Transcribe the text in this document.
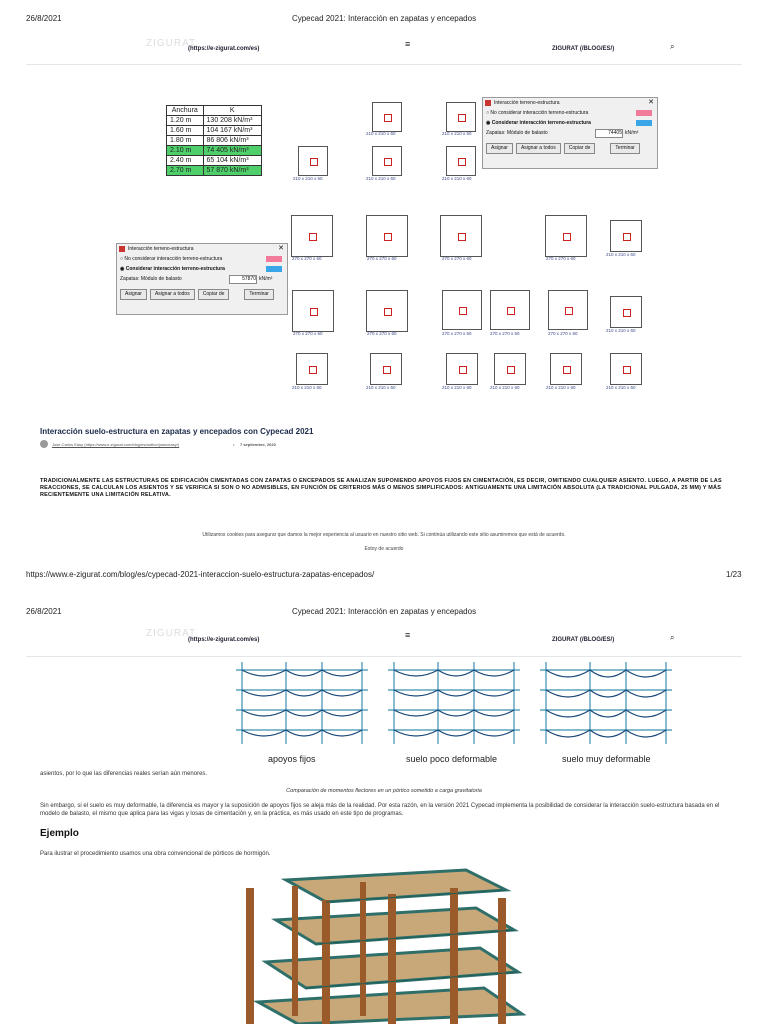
26/8/2021	Cypecad 2021: Interacción en zapatas y encepados
ZIGURAT
(https://e-zigurat.com/es)	≡	ZIGURAT (/BLOG/ES/)	⌕
Anchura	K
1.20 m	130 208 kN/m³
1.60 m	104 167 kN/m³
1.80 m	86 806 kN/m³
2.10 m	74 405 kN/m³
2.40 m	65 104 kN/m³
2.70 m	57 870 kN/m³
210 x 210 x 60	210 x 210 x 60
210 x 210 x 60	210 x 210 x 60	210 x 210 x 60
Interacción terreno-estructura	✕
○ No considerar interacción terreno-estructura
◉ Considerar interacción terreno-estructura
Zapatas: Módulo de balasto	74405 kN/m³
Asignar	Asignar a todos	Copiar de	Terminar
270 x 270 x 60	270 x 270 x 60	270 x 270 x 60	270 x 270 x 60
210 x 210 x 60
Interacción terreno-estructura	✕
○ No considerar interacción terreno-estructura
◉ Considerar interacción terreno-estructura
Zapatas: Módulo de balasto	57870 kN/m³
Asignar	Asignar a todos	Copiar de	Terminar
270 x 270 x 60	270 x 270 x 60	270 x 270 x 60	270 x 270 x 60	270 x 270 x 60
210 x 210 x 60
210 x 210 x 60	210 x 210 x 60	210 x 210 x 60	210 x 210 x 60	210 x 210 x 60	210 x 210 x 60
Interacción suelo-estructura en zapatas y encepados con Cypecad 2021
Jose Carlos Easy (https://www.e-zigurat.com/blog/es/author/joseceasy/)	• 7 septiembre, 2020
TRADICIONALMENTE LAS ESTRUCTURAS DE EDIFICACIÓN CIMENTADAS CON ZAPATAS O ENCEPADOS SE ANALIZAN SUPONIENDO APOYOS FIJOS EN CIMENTACIÓN, ES DECIR, OMITIENDO CUALQUIER ASIENTO. LUEGO, A PARTIR DE LAS REACCIONES, SE CALCULAN LOS ASIENTOS Y SE VERIFICA SI SON O NO ADMISIBLES, EN FUNCIÓN DE CRITERIOS MÁS O MENOS SIMPLIFICADOS: ANTIGUAMENTE UNA LIMITACIÓN ABSOLUTA (LA TRADICIONAL PULGADA, 25 MM) Y MÁS RECIENTEMENTE UNA LIMITACIÓN RELATIVA.
Utilizamos cookies para asegurar que damos la mejor experiencia al usuario en nuestro sitio web. Si continúa utilizando este sitio asumiremos que está de acuerdo.
Estoy de acuerdo
https://www.e-zigurat.com/blog/es/cypecad-2021-interaccion-suelo-estructura-zapatas-encepados/	1/23
26/8/2021	Cypecad 2021: Interacción en zapatas y encepados
ZIGURAT
(https://e-zigurat.com/es)	≡	ZIGURAT (/BLOG/ES/)	⌕
apoyos fijos	suelo poco deformable	suelo muy deformable
asientos, por lo que las diferencias reales serían aún menores.
Comparación de momentos flectores en un pórtico sometido a carga gravitatoria
Sin embargo, si el suelo es muy deformable, la diferencia es mayor y la suposición de apoyos fijos se aleja más de la realidad. Por esta razón, en la versión 2021 Cypecad implementa la posibilidad de considerar la interacción suelo-estructura basada en el modelo de balasto, el mismo que aplica para las vigas y losas de cimentación y, en la práctica, es más usado en este tipo de programas.
Ejemplo
Para ilustrar el procedimiento usamos una obra convencional de pórticos de hormigón.
